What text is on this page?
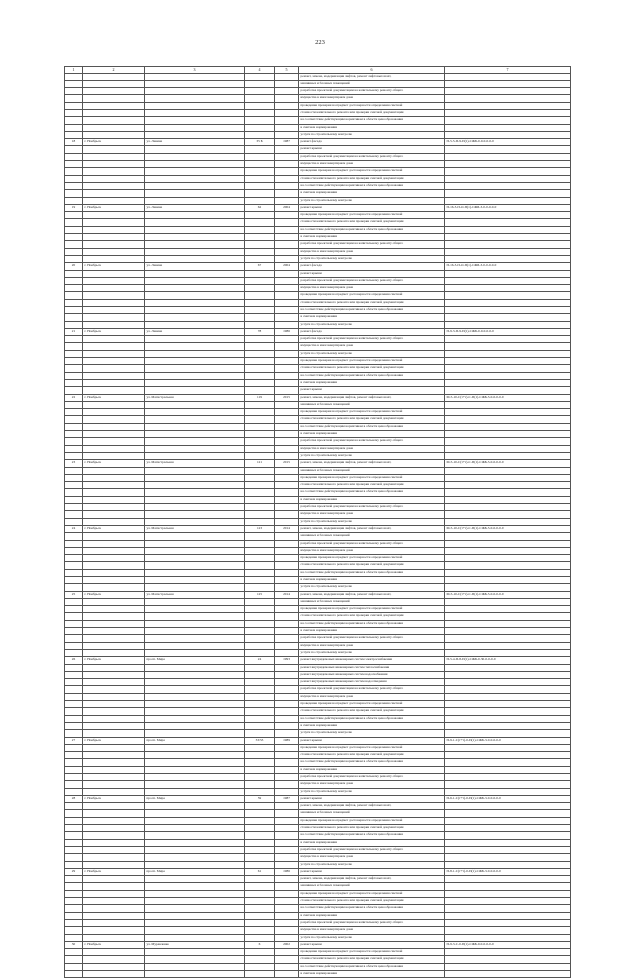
223
1	2	3	4	5	6	7
					ремонт, замена, модернизация лифтов, ремонт лифтовых шахт,	
					машинных и блочных помещений	
					разработка проектной документации на капитальному ремонту общего	
					имущества в многоквартирном доме	
					проведение проверки на предмет достоверности определения сметной	
					стоимости капитального ремонта или проверки сметной документации	
					на соответствие действующим нормативам в области ценообразования	
					в сметном нормировании	
					услуги по строительному контролю	
18	г. Ноябрьск	ул. Ленина	35 Б	1987	ремонт фасада	П-5-5-П-9-П(1)-СЖБ-0-0-0-0-0-0
					ремонт крыши	
					разработка проектной документации на капитальному ремонту общего	
					имущества в многоквартирном доме	
					проведение проверки на предмет достоверности определения сметной	
					стоимости капитального ремонта или проверки сметной документации	
					на соответствие действующим нормативам в области ценообразования	
					в сметном нормировании	
					услуги по строительному контролю	
19	г. Ноябрьск	ул. Ленина	62	2004	ремонт крыши	П-16-3-П-О-П(1)-СЖБ-3-0-0-0-0-0
					проведение проверки на предмет достоверности определения сметной	
					стоимости капитального ремонта или проверки сметной документации	
					на соответствие действующим нормативам в области ценообразования	
					в сметном нормировании	
					разработка проектной документации на капитальному ремонту общего	
					имущества в многоквартирном доме	
					услуги по строительному контролю	
20	г. Ноябрьск	ул. Ленина	67	2004	ремонт фасада	П-16-3-П-О-П(1)-СЖБ-3-0-0-0-0-0
					ремонт крыши	
					разработка проектной документации на капитальному ремонту общего	
					имущества в многоквартирном доме	
					проведение проверки на предмет достоверности определения сметной	
					стоимости капитального ремонта или проверки сметной документации	
					на соответствие действующим нормативам в области ценообразования	
					в сметном нормировании	
					услуги по строительному контролю	
21	г. Ноябрьск	ул. Ленина	78	1986	ремонт фасада	П-9-3-П-9-П(1)-СЖБ-0-0-0-0-0-0
					разработка проектной документации на капитальному ремонту общего	
					имущества в многоквартирном доме	
					услуги по строительному контролю	
					проведение проверки на предмет достоверности определения сметной	
					стоимости капитального ремонта или проверки сметной документации	
					на соответствие действующим нормативам в области ценообразования	
					в сметном нормировании	
					ремонт крыши	
22	г. Ноябрьск	ул. Магистральная	119	2015	ремонт, замена, модернизация лифтов, ремонт лифтовых шахт,	М-5-10-С(т+т)-С-П(1)-СЖБ-3-0-0-0-0-0
					машинных и блочных помещений	
					проведение проверки на предмет достоверности определения сметной	
					стоимости капитального ремонта или проверки сметной документации	
					на соответствие действующим нормативам в области ценообразования	
					в сметном нормировании	
					разработка проектной документации на капитальному ремонту общего	
					имущества в многоквартирном доме	
					услуги по строительному контролю	
23	г. Ноябрьск	ул. Магистральная	121	2015	ремонт, замена, модернизация лифтов, ремонт лифтовых шахт,	М-5-10-С(т+т)-С-П(1)-СЖБ-3-0-0-0-0-0
					машинных и блочных помещений	
					проведение проверки на предмет достоверности определения сметной	
					стоимости капитального ремонта или проверки сметной документации	
					на соответствие действующим нормативам в области ценообразования	
					в сметном нормировании	
					разработка проектной документации на капитальному ремонту общего	
					имущества в многоквартирном доме	
					услуги по строительному контролю	
24	г. Ноябрьск	ул. Магистральная	123	2014	ремонт, замена, модернизация лифтов, ремонт лифтовых шахт,	М-5-10-С(т+т)-С-П(1)-СЖБ-3-0-0-0-0-0
					машинных и блочных помещений	
					разработка проектной документации на капитальному ремонту общего	
					имущества в многоквартирном доме	
					проведение проверки на предмет достоверности определения сметной	
					стоимости капитального ремонта или проверки сметной документации	
					на соответствие действующим нормативам в области ценообразования	
					в сметном нормировании	
					услуги по строительному контролю	
25	г. Ноябрьск	ул. Магистральная	125	2014	ремонт, замена, модернизация лифтов, ремонт лифтовых шахт,	М-5-10-С(т+т)-С-П(1)-СЖБ-3-0-0-0-0-0
					машинных и блочных помещений	
					проведение проверки на предмет достоверности определения сметной	
					стоимости капитального ремонта или проверки сметной документации	
					на соответствие действующим нормативам в области ценообразования	
					в сметном нормировании	
					разработка проектной документации на капитальному ремонту общего	
					имущества в многоквартирном доме	
					услуги по строительному контролю	
26	г. Ноябрьск	просп. Мира	24	1993	ремонт внутридомовых инженерных систем электроснабжения	П-5-4-П-8-П(1)-СЖБ-0-30-0-0-0-0
					ремонт внутридомовых инженерных систем теплоснабжения	
					ремонт внутридомовых инженерных систем водоснабжения	
					ремонт внутридомовых инженерных систем водоотведения	
					разработка проектной документации на капитальному ремонту общего	
					имущества в многоквартирном доме	
					проведение проверки на предмет достоверности определения сметной	
					стоимости капитального ремонта или проверки сметной документации	
					на соответствие действующим нормативам в области ценообразования	
					в сметном нормировании	
					услуги по строительному контролю	
27	г. Ноябрьск	просп. Мира	33/53	1989	ремонт крыши	П-9-1-С(т+т)-0-П(1)-СЖБ-3-0-0-0-0-0
					проведение проверки на предмет достоверности определения сметной	
					стоимости капитального ремонта или проверки сметной документации	
					на соответствие действующим нормативам в области ценообразования	
					в сметном нормировании	
					разработка проектной документации на капитальному ремонту общего	
					имущества в многоквартирном доме	
					услуги по строительному контролю	
28	г. Ноябрьск	просп. Мира	59	1987	ремонт крыши	П-6-1-С(т+т)-0-П(1)-СЖБ-3-0-0-0-0-0
					ремонт, замена, модернизация лифтов, ремонт лифтовых шахт,	
					машинных и блочных помещений	
					проведение проверки на предмет достоверности определения сметной	
					стоимости капитального ремонта или проверки сметной документации	
					на соответствие действующим нормативам в области ценообразования	
					в сметном нормировании	
					разработка проектной документации на капитальному ремонту общего	
					имущества в многоквартирном доме	
					услуги по строительному контролю	
29	г. Ноябрьск	просп. Мира	61	1986	ремонт крыши	П-8-1-С(т+т)-0-П(1)-СЖБ-3-0-0-0-0-0
					ремонт, замена, модернизация лифтов, ремонт лифтовых шахт,	
					машинных и блочных помещений	
					проведение проверки на предмет достоверности определения сметной	
					стоимости капитального ремонта или проверки сметной документации	
					на соответствие действующим нормативам в области ценообразования	
					в сметном нормировании	
					разработка проектной документации на капитальному ремонту общего	
					имущества в многоквартирном доме	
					услуги по строительному контролю	
30	г. Ноябрьск	ул. Муравленко	6	2002	ремонт крыши	П-9-3-С-0-П(1)-СЖБ-0-0-0-0-0-0
					проведение проверки на предмет достоверности определения сметной	
					стоимости капитального ремонта или проверки сметной документации	
					на соответствие действующим нормативам в области ценообразования	
					в сметном нормировании	
